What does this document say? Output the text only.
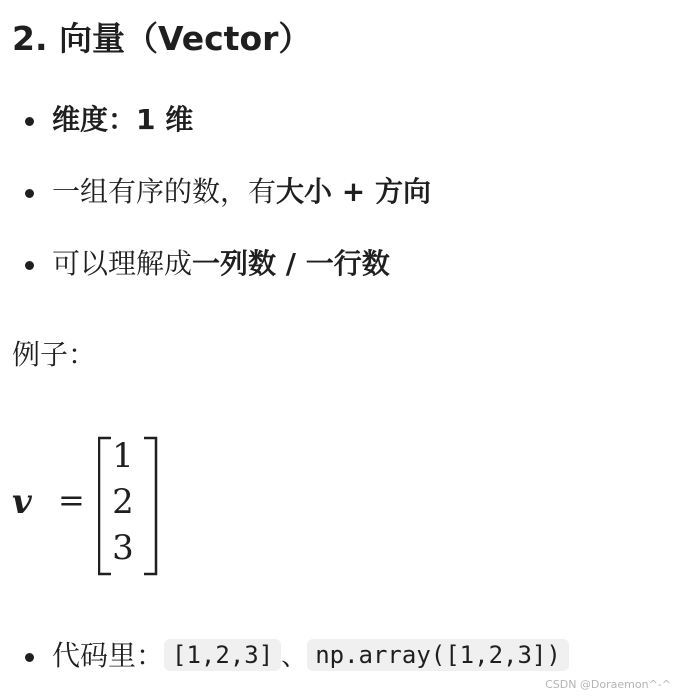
2. 向量（Vector）
维度：1 维
一组有序的数，有大小 + 方向
可以理解成一列数 / 一行数
例子：
v =
1
2
3
代码里： [1,2,3] 、 np.array([1,2,3])
CSDN @Doraemon^-^
